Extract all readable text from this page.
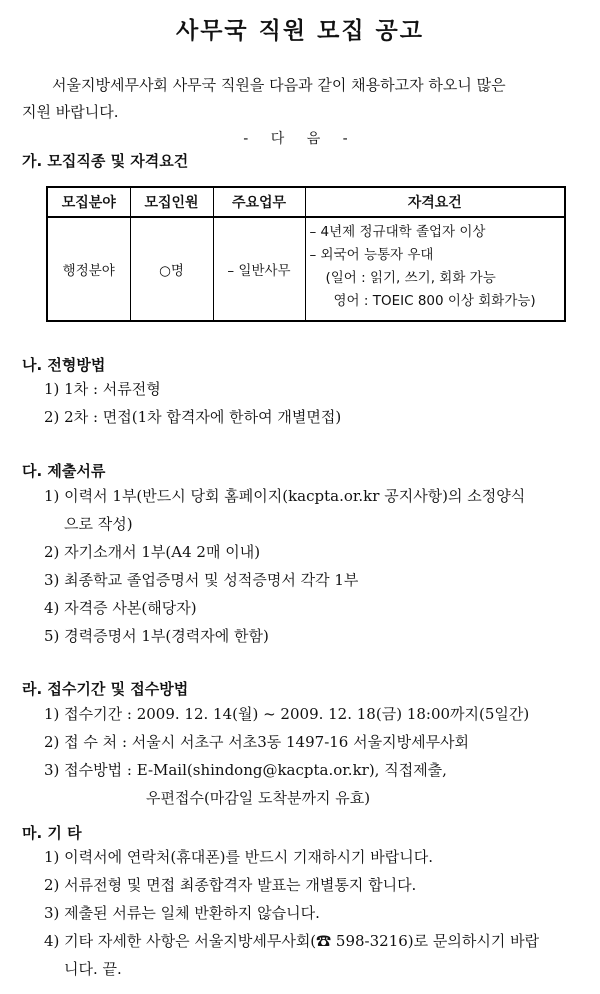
사무국 직원 모집 공고
서울지방세무사회 사무국 직원을 다음과 같이 채용하고자 하오니 많은
지원 바랍니다.
- 다 음 -
가. 모집직종 및 자격요건
모집분야	모집인원	주요업무	자격요건
행정분야	○명	– 일반사무	– 4년제 정규대학 졸업자 이상
– 외국어 능통자 우대
(일어 : 읽기, 쓰기, 회화 가능
영어 : TOEIC 800 이상 회화가능)
나. 전형방법
1) 1차 : 서류전형
2) 2차 : 면접(1차 합격자에 한하여 개별면접)
다. 제출서류
1) 이력서 1부(반드시 당회 홈페이지(kacpta.or.kr 공지사항)의 소정양식
으로 작성)
2) 자기소개서 1부(A4 2매 이내)
3) 최종학교 졸업증명서 및 성적증명서 각각 1부
4) 자격증 사본(해당자)
5) 경력증명서 1부(경력자에 한함)
라. 접수기간 및 접수방법
1) 접수기간 : 2009. 12. 14(월) ~ 2009. 12. 18(금) 18:00까지(5일간)
2) 접 수 처 : 서울시 서초구 서초3동 1497-16 서울지방세무사회
3) 접수방법 : E-Mail(shindong@kacpta.or.kr), 직접제출,
우편접수(마감일 도착분까지 유효)
마. 기 타
1) 이력서에 연락처(휴대폰)를 반드시 기재하시기 바랍니다.
2) 서류전형 및 면접 최종합격자 발표는 개별통지 합니다.
3) 제출된 서류는 일체 반환하지 않습니다.
4) 기타 자세한 사항은 서울지방세무사회(☎ 598-3216)로 문의하시기 바랍
니다. 끝.
